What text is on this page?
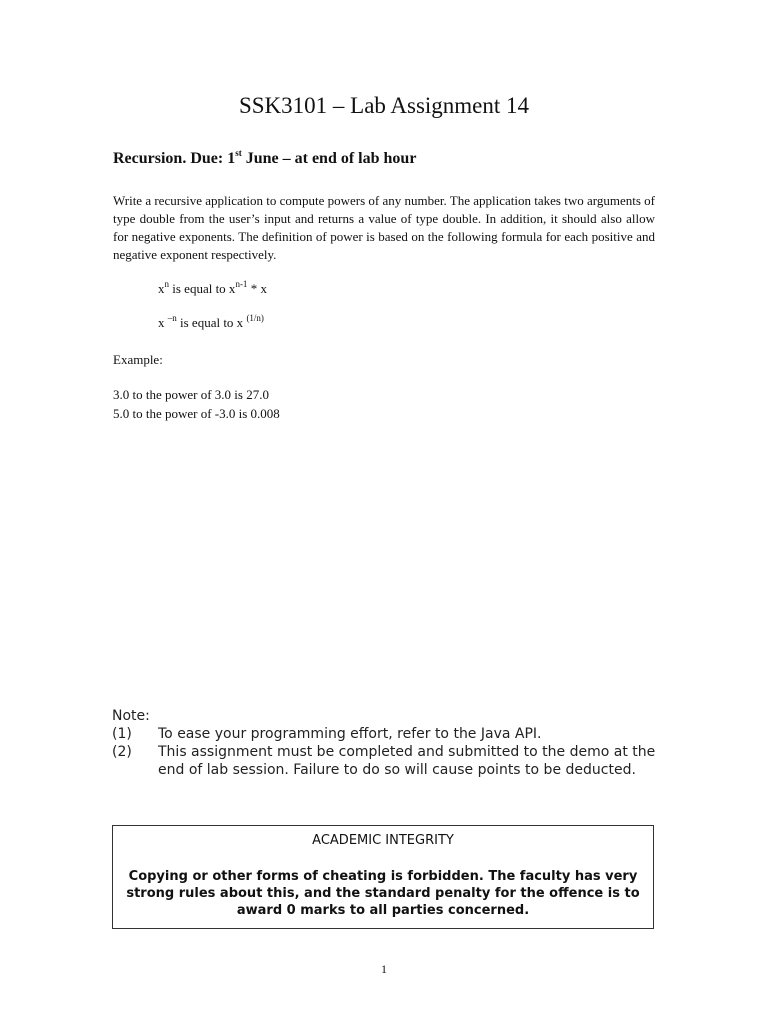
SSK3101 – Lab Assignment 14
Recursion. Due: 1st June – at end of lab hour
Write a recursive application to compute powers of any number. The application takes two arguments of type double from the user’s input and returns a value of type double. In addition, it should also allow for negative exponents. The definition of power is based on the following formula for each positive and negative exponent respectively.
$x^n$ is equal to $x^{n-1}$ * x
x $^{-n}$ is equal to x $^{(1/n)}$
Example:
3.0 to the power of 3.0 is 27.0
5.0 to the power of -3.0 is 0.008
Note:
(1)	To ease your programming effort, refer to the Java API.
(2)	This assignment must be completed and submitted to the demo at the end of lab session. Failure to do so will cause points to be deducted.
ACADEMIC INTEGRITY
Copying or other forms of cheating is forbidden. The faculty has very strong rules about this, and the standard penalty for the offence is to award 0 marks to all parties concerned.
1
